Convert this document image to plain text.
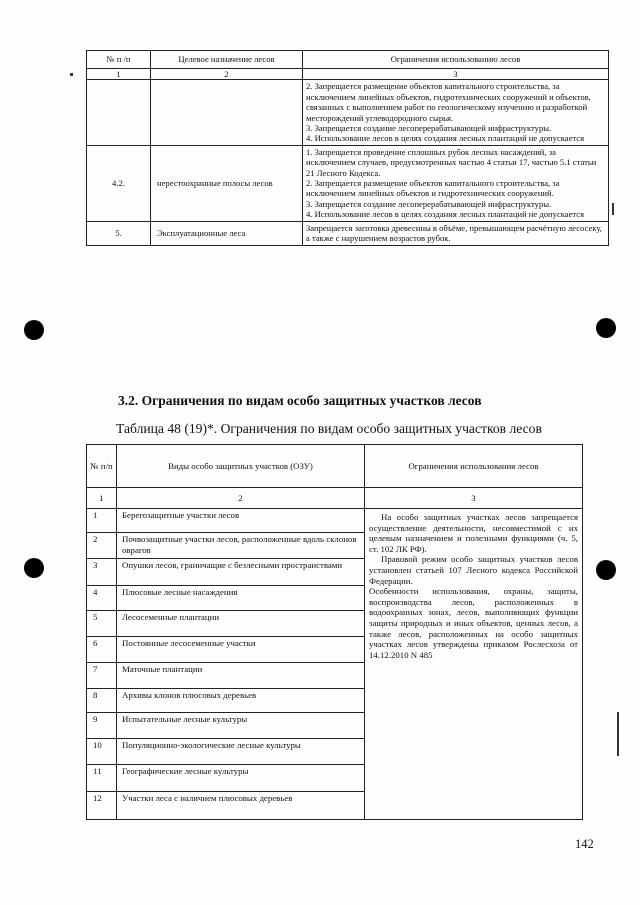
№ п /п	Целевое назначение лесов	Ограничения использованию лесов
1	2	3

		2. Запрещается размещение объектов капитального строительства, за исключением линейных объектов, гидротехнических сооружений и объектов, связанных с выполнением работ по геологическому изучению и разработкой месторождений углеводородного сырья.

3. Запрещается создание лесоперерабатывающей инфраструктуры.

4. Использование лесов в целях создания лесных плантаций не допускается

4.2.	нерестоохранные полосы лесов	1. Запрещается проведение сплошных рубок лесных насаждений, за исключением случаев, предусмотренных частью 4 статьи 17, частью 5.1 статьи 21 Лесного Кодекса.

2. Запрещается размещение объектов капитального строительства, за исключением линейных объектов и гидротехнических сооружений.

3. Запрещается создание лесоперерабатывающей инфраструктуры.

4. Использование лесов в целях создания лесных плантаций не допускается

5.	Эксплуатационные леса	Запрещается заготовка древесины в объёме, превышающем расчётную лесосеку, а также с нарушением возрастов рубок.

3.2. Ограничения по видам особо защитных участков лесов
Таблица 48 (19)*. Ограничения по видам особо защитных участков лесов
№ п/п	Виды особо защитных участков (ОЗУ)	Ограничения использования лесов
1	2	3
1	Берегозащитные участки лесов	На особо защитных участках лесов запрещается осуществление деятельности, несовместимой с их целевым назначением и полезными функциями (ч. 5, ст. 102 ЛК РФ).

Правовой режим особо защитных участков лесов установлен статьей 107 Лесного кодекса Российской Федерации.

Особенности использования, охраны, защиты, воспроизводства лесов, расположенных в водоохранных зонах, лесов, выполняющих функции защиты природных и иных объектов, ценных лесов, а также лесов, расположенных на особо защитных участках лесов утверждены приказом Рослесхоза от 14.12.2010 N 485

2	Почвозащитные участки лесов, расположенные вдоль склонов оврагов	
3	Опушки лесов, граничащие с безлесными пространствами	
4	Плюсовые лесные насаждения	
5	Лесосеменные плантации	
6	Постоянные лесосеменные участки	
7	Маточные плантации	
8	Архивы клонов плюсовых деревьев	
9	Испытательные лесные культуры	
10	Популяционно-экологические лесные культуры	
11	Географические лесные культуры	
12	Участки леса с наличием плюсовых деревьев	
142
